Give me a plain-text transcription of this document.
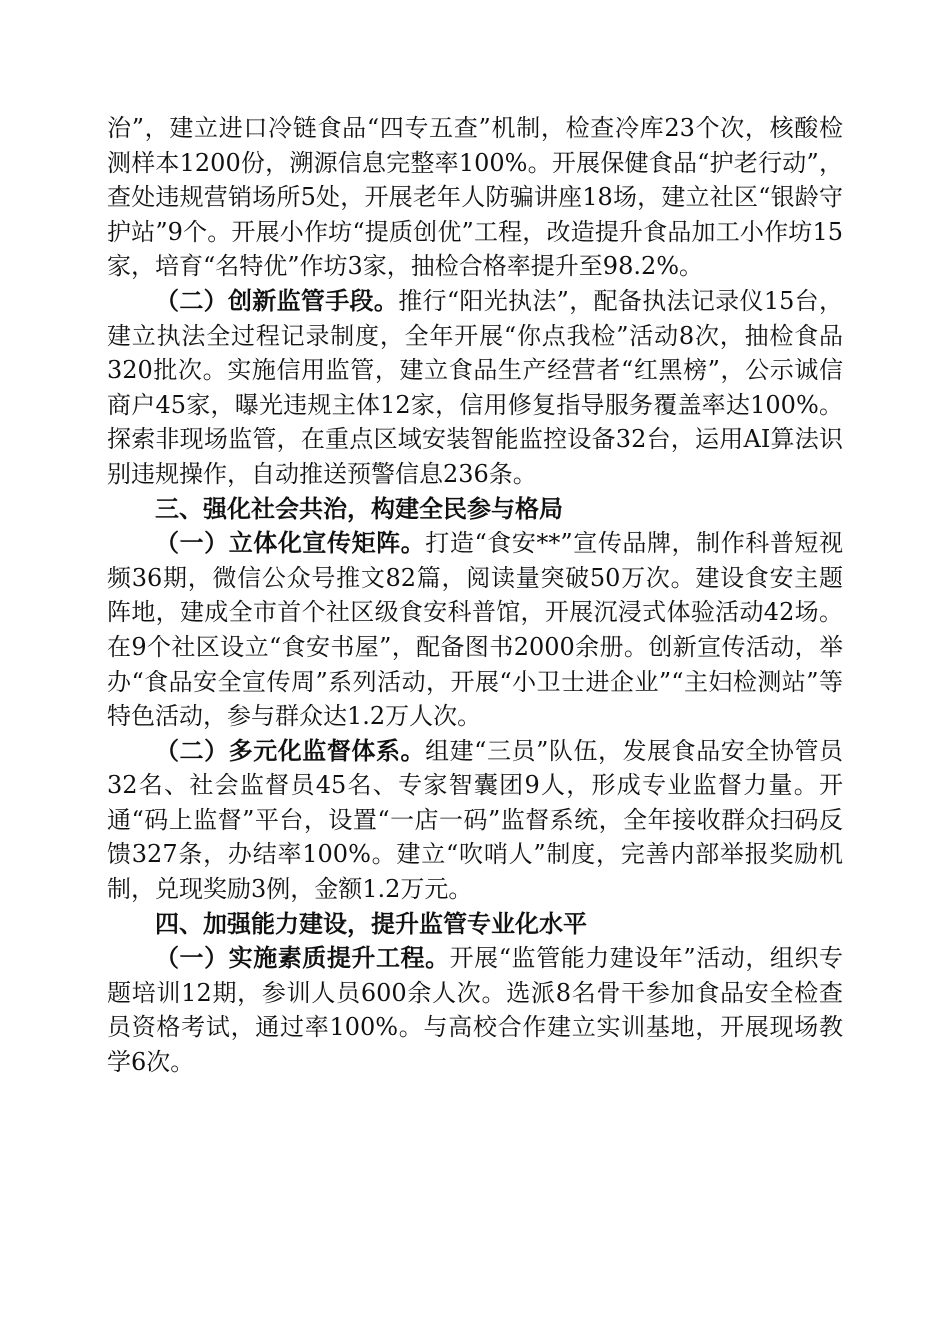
治”，建立进口冷链食品“四专五查”机制，检查冷库23个次，核酸检测样本1200份，溯源信息完整率100%。开展保健食品“护老行动”，查处违规营销场所5处，开展老年人防骗讲座18场，建立社区“银龄守护站”9个。开展小作坊“提质创优”工程，改造提升食品加工小作坊15家，培育“名特优”作坊3家，抽检合格率提升至98.2%。

（二）创新监管手段。推行“阳光执法”，配备执法记录仪15台，建立执法全过程记录制度，全年开展“你点我检”活动8次，抽检食品320批次。实施信用监管，建立食品生产经营者“红黑榜”，公示诚信商户45家，曝光违规主体12家，信用修复指导服务覆盖率达100%。探索非现场监管，在重点区域安装智能监控设备32台，运用AI算法识别违规操作，自动推送预警信息236条。

三、强化社会共治，构建全民参与格局

（一）立体化宣传矩阵。打造“食安**”宣传品牌，制作科普短视频36期，微信公众号推文82篇，阅读量突破50万次。建设食安主题阵地，建成全市首个社区级食安科普馆，开展沉浸式体验活动42场。在9个社区设立“食安书屋”，配备图书2000余册。创新宣传活动，举办“食品安全宣传周”系列活动，开展“小卫士进企业”“主妇检测站”等特色活动，参与群众达1.2万人次。

（二）多元化监督体系。组建“三员”队伍，发展食品安全协管员32名、社会监督员45名、专家智囊团9人，形成专业监督力量。开通“码上监督”平台，设置“一店一码”监督系统，全年接收群众扫码反馈327条，办结率100%。建立“吹哨人”制度，完善内部举报奖励机制，兑现奖励3例，金额1.2万元。

四、加强能力建设，提升监管专业化水平

（一）实施素质提升工程。开展“监管能力建设年”活动，组织专题培训12期，参训人员600余人次。选派8名骨干参加食品安全检查员资格考试，通过率100%。与高校合作建立实训基地，开展现场教学6次。
